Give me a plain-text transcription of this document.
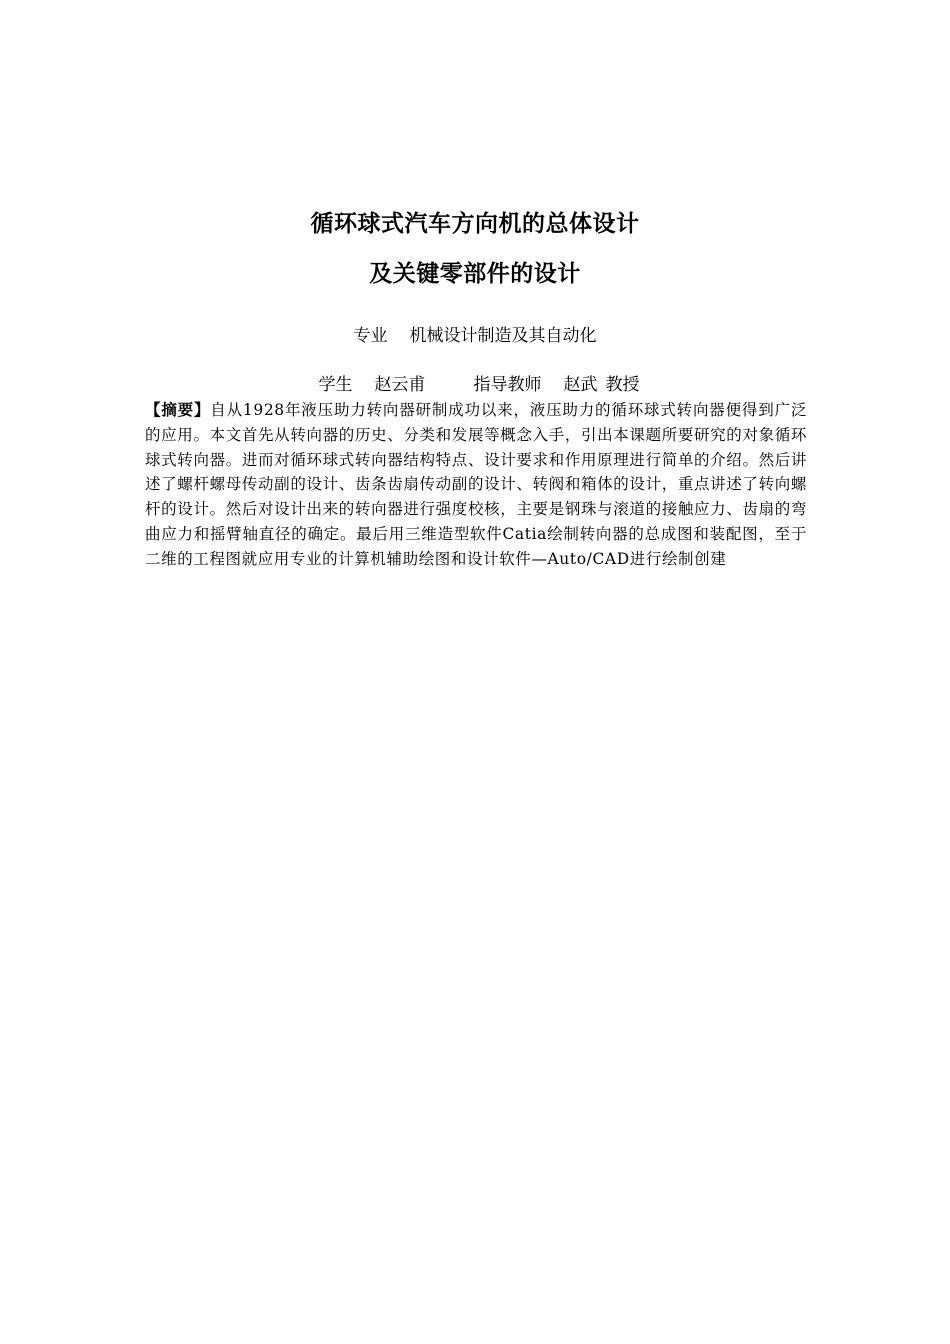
循环球式汽车方向机的总体设计
及关键零部件的设计
专业 机械设计制造及其自动化
学生 赵云甫	指导教师 赵武 教授

【摘要】自从1928年液压助力转向器研制成功以来，液压助力的循环球式转向器便得到广泛的应用。本文首先从转向器的历史、分类和发展等概念入手，引出本课题所要研究的对象循环球式转向器。进而对循环球式转向器结构特点、设计要求和作用原理进行简单的介绍。然后讲述了螺杆螺母传动副的设计、齿条齿扇传动副的设计、转阀和箱体的设计，重点讲述了转向螺杆的设计。然后对设计出来的转向器进行强度校核，主要是钢珠与滚道的接触应力、齿扇的弯曲应力和摇臂轴直径的确定。最后用三维造型软件Catia绘制转向器的总成图和装配图，至于二维的工程图就应用专业的计算机辅助绘图和设计软件—Auto/CAD进行绘制创建
